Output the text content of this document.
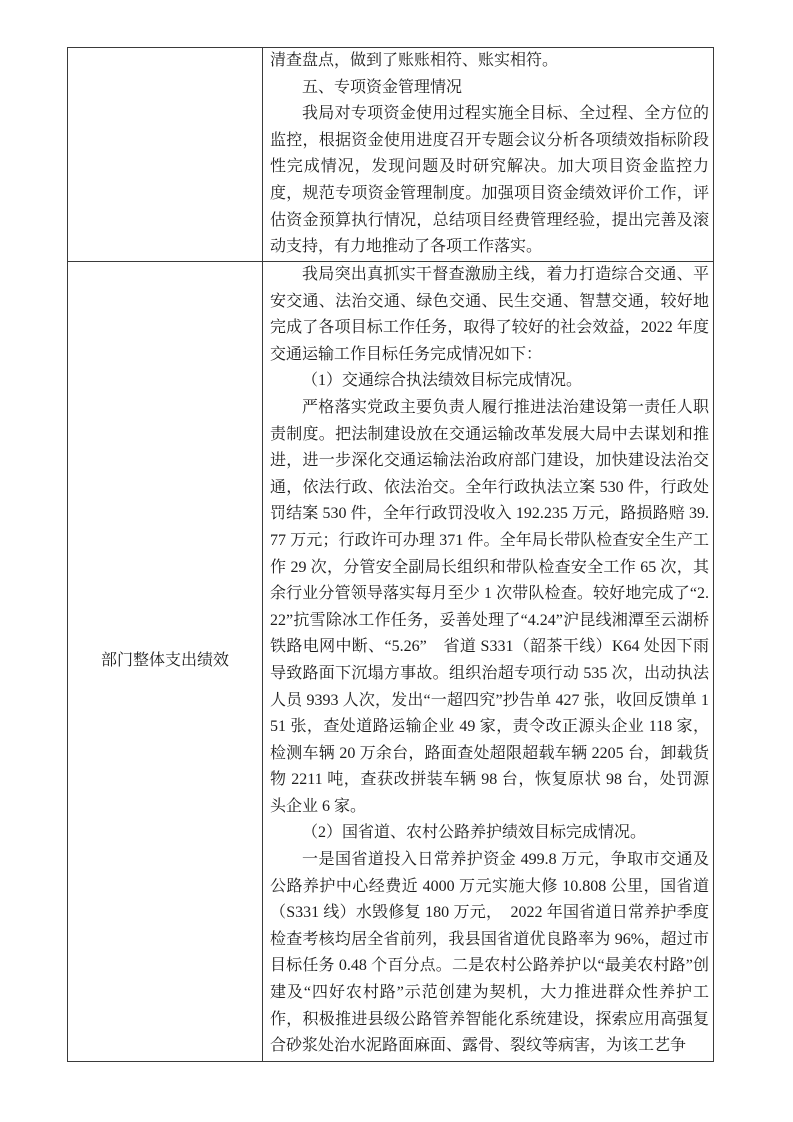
清查盘点，做到了账账相符、账实相符。

五、专项资金管理情况

我局对专项资金使用过程实施全目标、全过程、全方位的监控，根据资金使用进度召开专题会议分析各项绩效指标阶段性完成情况，发现问题及时研究解决。加大项目资金监控力度，规范专项资金管理制度。加强项目资金绩效评价工作，评估资金预算执行情况，总结项目经费管理经验，提出完善及滚动支持，有力地推动了各项工作落实。

部门整体支出绩效

我局突出真抓实干督查激励主线，着力打造综合交通、平安交通、法治交通、绿色交通、民生交通、智慧交通，较好地完成了各项目标工作任务，取得了较好的社会效益，2022 年度交通运输工作目标任务完成情况如下：

（1）交通综合执法绩效目标完成情况。

严格落实党政主要负责人履行推进法治建设第一责任人职责制度。把法制建设放在交通运输改革发展大局中去谋划和推进，进一步深化交通运输法治政府部门建设，加快建设法治交通，依法行政、依法治交。全年行政执法立案 530 件，行政处罚结案 530 件，全年行政罚没收入 192.235 万元，路损路赔 39.77 万元；行政许可办理 371 件。全年局长带队检查安全生产工作 29 次，分管安全副局长组织和带队检查安全工作 65 次，其余行业分管领导落实每月至少 1 次带队检查。较好地完成了“2.22”抗雪除冰工作任务，妥善处理了“4.24”沪昆线湘潭至云湖桥铁路电网中断、“5.26”　省道 S331（韶茶干线）K64 处因下雨导致路面下沉塌方事故。组织治超专项行动 535 次，出动执法人员 9393 人次，发出“一超四究”抄告单 427 张，收回反馈单 151 张，查处道路运输企业 49 家，责令改正源头企业 118 家，检测车辆 20 万余台，路面查处超限超载车辆 2205 台，卸载货物 2211 吨，查获改拼装车辆 98 台，恢复原状 98 台，处罚源头企业 6 家。

（2）国省道、农村公路养护绩效目标完成情况。

一是国省道投入日常养护资金 499.8 万元，争取市交通及公路养护中心经费近 4000 万元实施大修 10.808 公里，国省道（S331 线）水毁修复 180 万元，　2022 年国省道日常养护季度检查考核均居全省前列，我县国省道优良路率为 96%，超过市目标任务 0.48 个百分点。二是农村公路养护以“最美农村路”创建及“四好农村路”示范创建为契机，大力推进群众性养护工作，积极推进县级公路管养智能化系统建设，探索应用高强复合砂浆处治水泥路面麻面、露骨、裂纹等病害，为该工艺争
